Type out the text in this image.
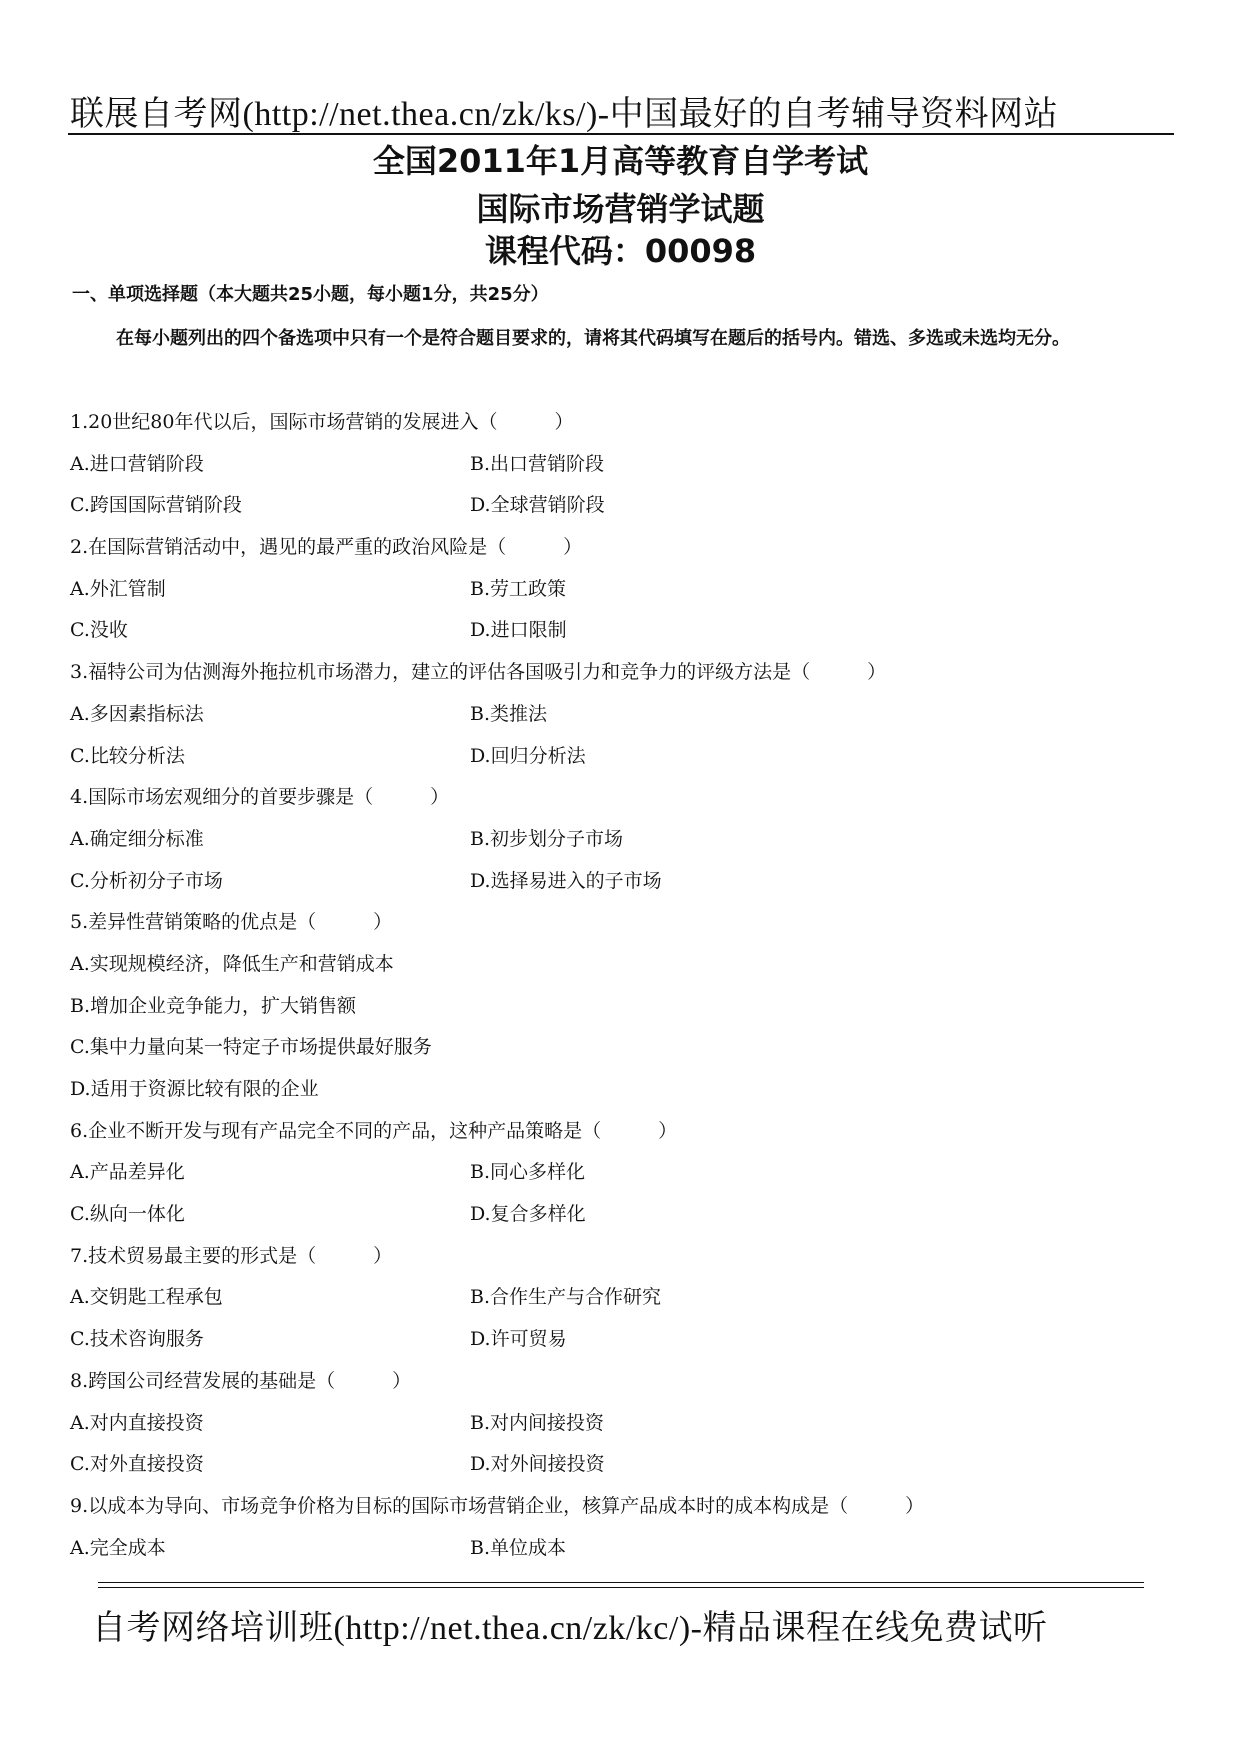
联展自考网(http://net.thea.cn/zk/ks/)-中国最好的自考辅导资料网站
全国2011年1月高等教育自学考试
国际市场营销学试题
课程代码：00098
一、单项选择题（本大题共25小题，每小题1分，共25分）
在每小题列出的四个备选项中只有一个是符合题目要求的，请将其代码填写在题后的括号内。错选、多选或未选均无分。
1.20世纪80年代以后，国际市场营销的发展进入（　　　）
A.进口营销阶段	B.出口营销阶段
C.跨国国际营销阶段	D.全球营销阶段
2.在国际营销活动中，遇见的最严重的政治风险是（　　　）
A.外汇管制	B.劳工政策
C.没收	D.进口限制
3.福特公司为估测海外拖拉机市场潜力，建立的评估各国吸引力和竞争力的评级方法是（　　　）
A.多因素指标法	B.类推法
C.比较分析法	D.回归分析法
4.国际市场宏观细分的首要步骤是（　　　）
A.确定细分标准	B.初步划分子市场
C.分析初分子市场	D.选择易进入的子市场
5.差异性营销策略的优点是（　　　）
A.实现规模经济，降低生产和营销成本
B.增加企业竞争能力，扩大销售额
C.集中力量向某一特定子市场提供最好服务
D.适用于资源比较有限的企业
6.企业不断开发与现有产品完全不同的产品，这种产品策略是（　　　）
A.产品差异化	B.同心多样化
C.纵向一体化	D.复合多样化
7.技术贸易最主要的形式是（　　　）
A.交钥匙工程承包	B.合作生产与合作研究
C.技术咨询服务	D.许可贸易
8.跨国公司经营发展的基础是（　　　）
A.对内直接投资	B.对内间接投资
C.对外直接投资	D.对外间接投资
9.以成本为导向、市场竞争价格为目标的国际市场营销企业，核算产品成本时的成本构成是（　　　）
A.完全成本	B.单位成本
自考网络培训班(http://net.thea.cn/zk/kc/)-精品课程在线免费试听
